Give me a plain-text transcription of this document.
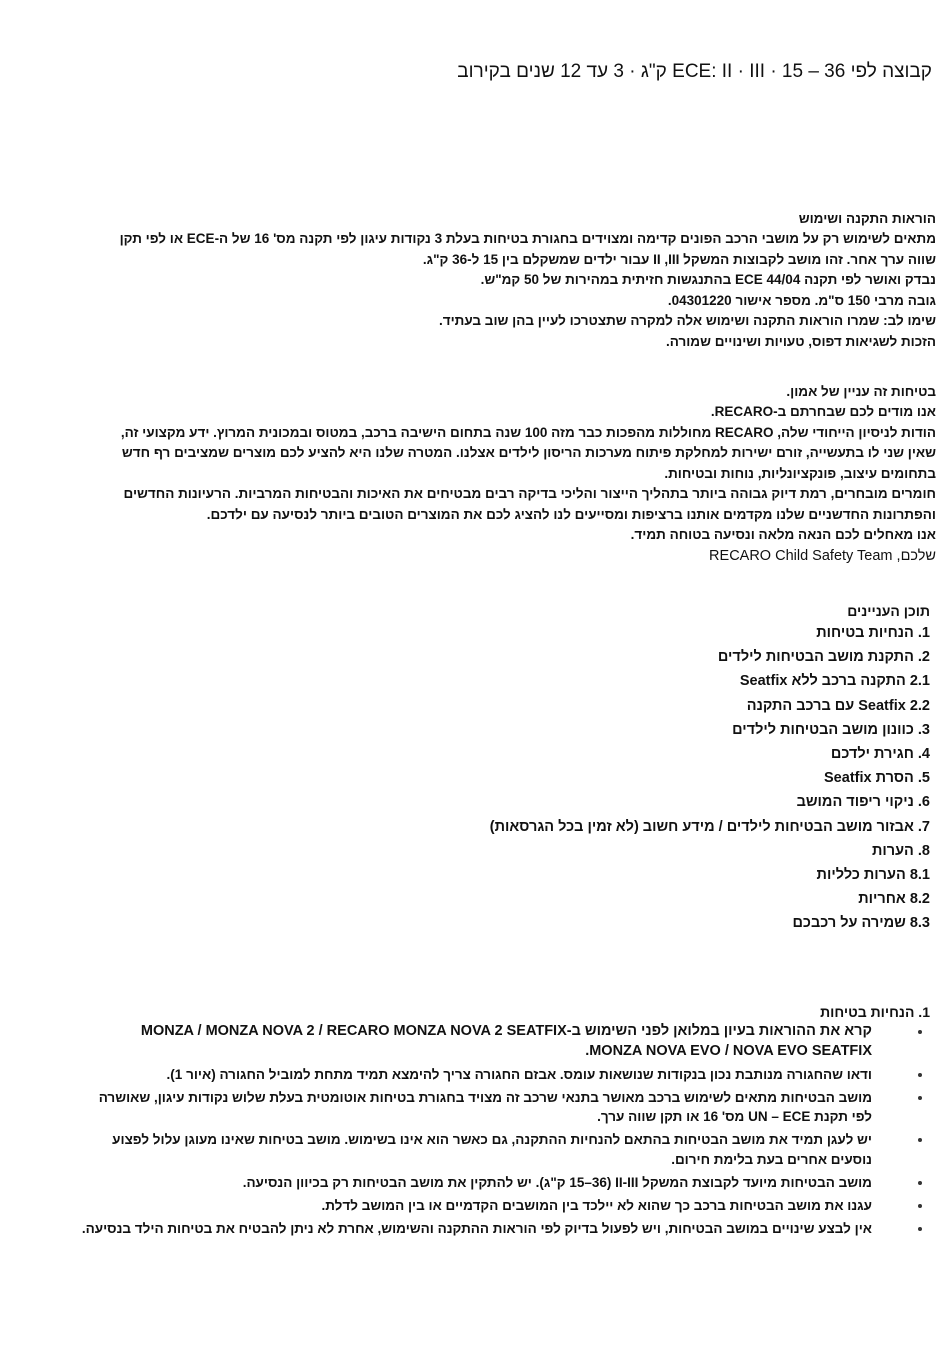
קבוצה לפי ECE: II · III · 15 – 36 ק"ג · 3 עד 12 שנים בקירוב

הוראות התקנה ושימוש

מתאים לשימוש רק על מושבי הרכב הפונים קדימה ומצוידים בחגורת בטיחות בעלת 3 נקודות עיגון לפי תקנה מס' 16 של ה-ECE או לפי תקן

שווה ערך אחר. זהו מושב לקבוצות המשקל II ,III עבור ילדים שמשקלם בין 15 ל-36 ק"ג.

נבדק ואושר לפי תקנה ECE 44/04 בהתנגשות חזיתית במהירות של 50 קמ"ש.

גובה מרבי 150 ס"מ. מספר אישור 04301220.

שימו לב: שמרו הוראות התקנה ושימוש אלה למקרה שתצטרכו לעיין בהן שוב בעתיד.

הזכות לשגיאות דפוס, טעויות ושינויים שמורה.

בטיחות זה עניין של אמון.

אנו מודים לכם שבחרתם ב-RECARO.

הודות לניסיון הייחודי שלה, RECARO מחוללות מהפכות כבר מזה 100 שנה בתחום הישיבה ברכב, במטוס ובמכונית המרוץ. ידע מקצועי זה,

שאין שני לו בתעשייה, זורם ישירות למחלקת פיתוח מערכות הריסון לילדים אצלנו. המטרה שלנו היא להציע לכם מוצרים שמציבים רף חדש

בתחומים עיצוב, פונקציונליות, נוחות ובטיחות.

חומרים מובחרים, רמת דיוק גבוהה ביותר בתהליך הייצור והליכי בדיקה רבים מבטיחים את האיכות והבטיחות המרביות. הרעיונות החדשים

והפתרונות החדשניים שלנו מקדמים אותנו ברציפות ומסייעים לנו להציג לכם את המוצרים הטובים ביותר לנסיעה עם ילדכם.

אנו מאחלים לכם הנאה מלאה ונסיעה בטוחה תמיד.

שלכם, RECARO Child Safety Team

תוכן העניינים

1. הנחיות בטיחות
2. התקנת מושב הבטיחות לילדים
2.1 התקנה ברכב ללא Seatfix
2.2 Seatfix עם ברכב התקנה
3. כוונון מושב הבטיחות לילדים
4. חגירת ילדכם
5. הסרת Seatfix
6. ניקוי ריפוד המושב
7. אבזור מושב הבטיחות לילדים / מידע חשוב (לא זמין בכל הגרסאות)
8. הערות
8.1 הערות כלליות
8.2 אחריות
8.3 שמירה על רכבכם

1. הנחיות בטיחות

קרא את ההוראות בעיון במלואן לפני השימוש ב-MONZA / MONZA NOVA 2 / RECARO MONZA NOVA 2 SEATFIX
MONZA NOVA EVO / NOVA EVO SEATFIX.
ודאו שהחגורה מנותבת נכון בנקודות שנושאות עומס. אבזם החגורה צריך להימצא תמיד מתחת למוביל החגורה (איור 1).
מושב הבטיחות מתאים לשימוש ברכב מאושר בתנאי שרכב זה מצויד בחגורת בטיחות אוטומטית בעלת שלוש נקודות עיגון, שאושרה
לפי תקנת UN – ECE מס' 16 או תקן שווה ערך.
יש לעגן תמיד את מושב הבטיחות בהתאם להנחיות ההתקנה, גם כאשר הוא אינו בשימוש. מושב בטיחות שאינו מעוגן עלול לפצוע
נוסעים אחרים בעת בלימת חירום.
מושב הבטיחות מיועד לקבוצת המשקל II-III (15–36 ק"ג). יש להתקין את מושב הבטיחות רק בכיוון הנסיעה.
עגנו את מושב הבטיחות ברכב כך שהוא לא יילכד בין המושבים הקדמיים או בין המושב לדלת.
אין לבצע שינויים במושב הבטיחות, ויש לפעול בדיוק לפי הוראות ההתקנה והשימוש, אחרת לא ניתן להבטיח את בטיחות הילד בנסיעה.
